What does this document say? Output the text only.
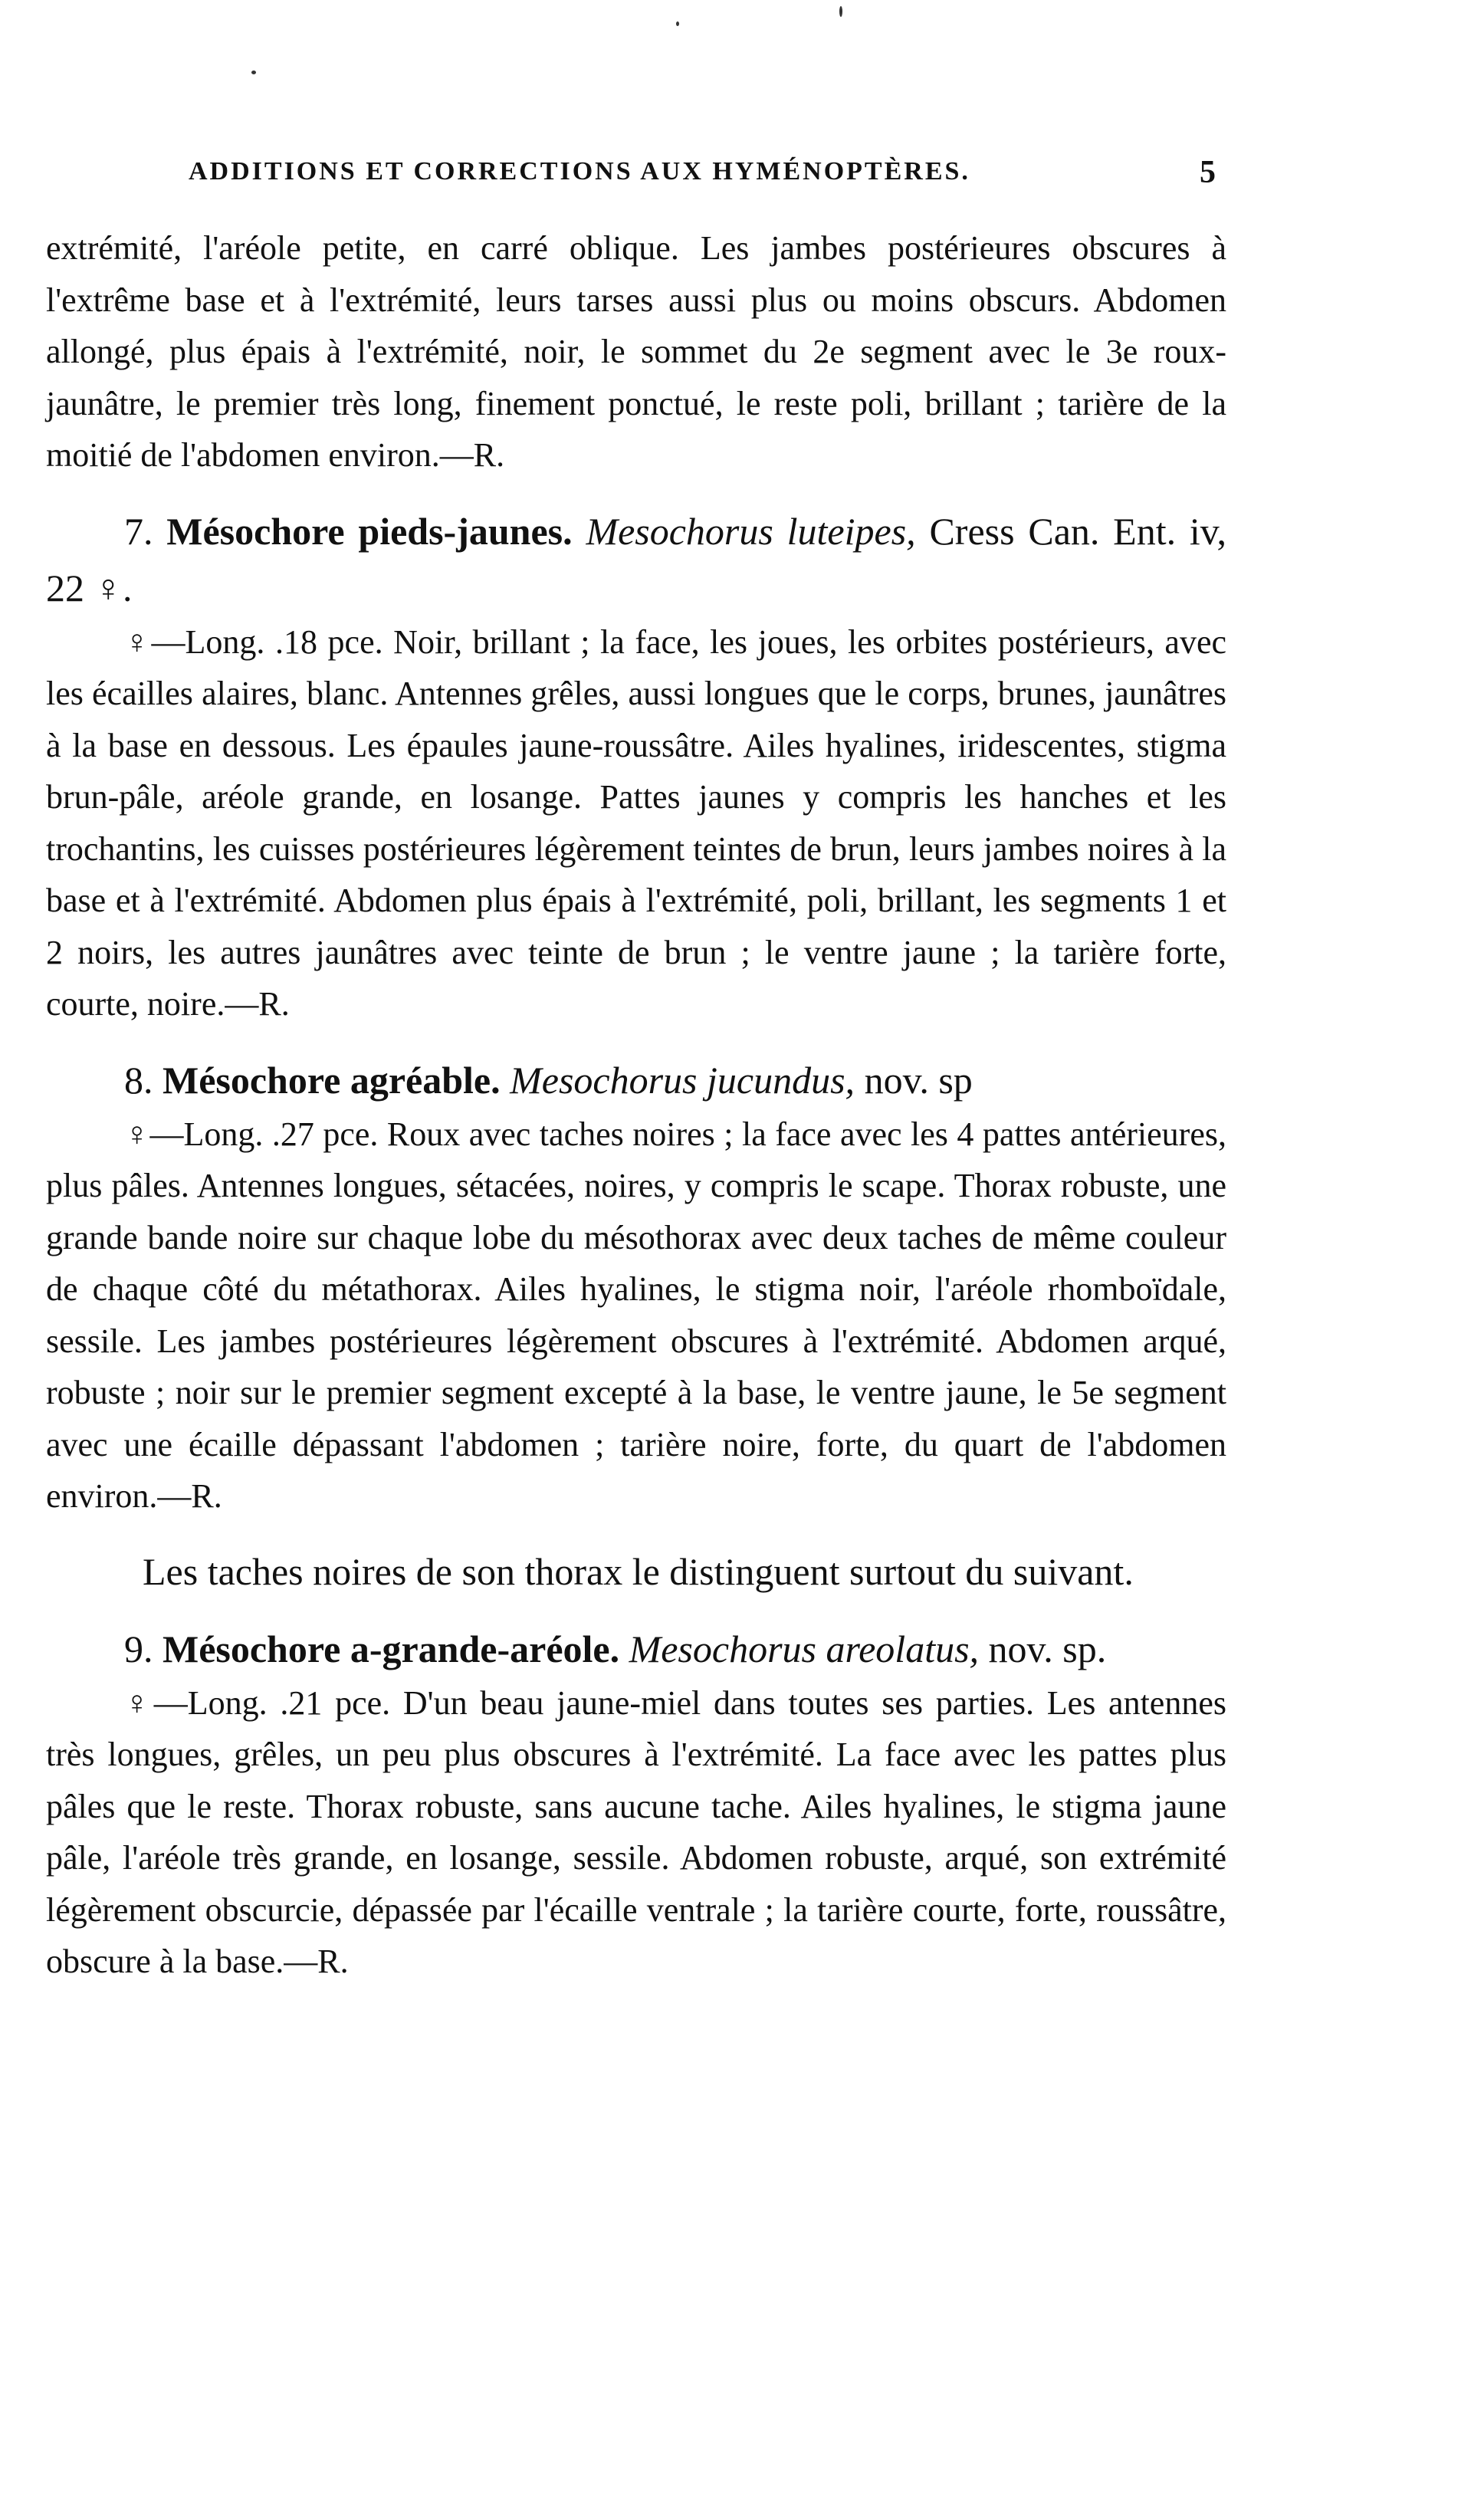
ADDITIONS ET CORRECTIONS AUX HYMÉNOPTÈRES.	5

extrémité, l'aréole petite, en carré oblique. Les jambes postérieures obscures à l'extrême base et à l'extrémité, leurs tarses aussi plus ou moins obscurs. Abdomen allongé, plus épais à l'extrémité, noir, le sommet du 2e segment avec le 3e roux-jaunâtre, le premier très long, finement ponctué, le reste poli, brillant ; tarière de la moitié de l'abdomen environ.—R.

7. Mésochore pieds-jaunes. Mesochorus luteipes, Cress Can. Ent. iv, 22 ♀.

♀—Long. .18 pce. Noir, brillant ; la face, les joues, les orbites postérieurs, avec les écailles alaires, blanc. Antennes grêles, aussi longues que le corps, brunes, jaunâtres à la base en dessous. Les épaules jaune-roussâtre. Ailes hyalines, iridescentes, stigma brun-pâle, aréole grande, en losange. Pattes jaunes y compris les hanches et les trochantins, les cuisses postérieures légèrement teintes de brun, leurs jambes noires à la base et à l'extrémité. Abdomen plus épais à l'extrémité, poli, brillant, les segments 1 et 2 noirs, les autres jaunâtres avec teinte de brun ; le ventre jaune ; la tarière forte, courte, noire.—R.

8. Mésochore agréable. Mesochorus jucundus, nov. sp

♀—Long. .27 pce. Roux avec taches noires ; la face avec les 4 pattes antérieures, plus pâles. Antennes longues, sétacées, noires, y compris le scape. Thorax robuste, une grande bande noire sur chaque lobe du mésothorax avec deux taches de même couleur de chaque côté du métathorax. Ailes hyalines, le stigma noir, l'aréole rhomboïdale, sessile. Les jambes postérieures légèrement obscures à l'extrémité. Abdomen arqué, robuste ; noir sur le premier segment excepté à la base, le ventre jaune, le 5e segment avec une écaille dépassant l'abdomen ; tarière noire, forte, du quart de l'abdomen environ.—R.

Les taches noires de son thorax le distinguent surtout du suivant.

9. Mésochore a-grande-aréole. Mesochorus areolatus, nov. sp.

♀—Long. .21 pce. D'un beau jaune-miel dans toutes ses parties. Les antennes très longues, grêles, un peu plus obscures à l'extrémité. La face avec les pattes plus pâles que le reste. Thorax robuste, sans aucune tache. Ailes hyalines, le stigma jaune pâle, l'aréole très grande, en losange, sessile. Abdomen robuste, arqué, son extrémité légèrement obscurcie, dépassée par l'écaille ventrale ; la tarière courte, forte, roussâtre, obscure à la base.—R.
